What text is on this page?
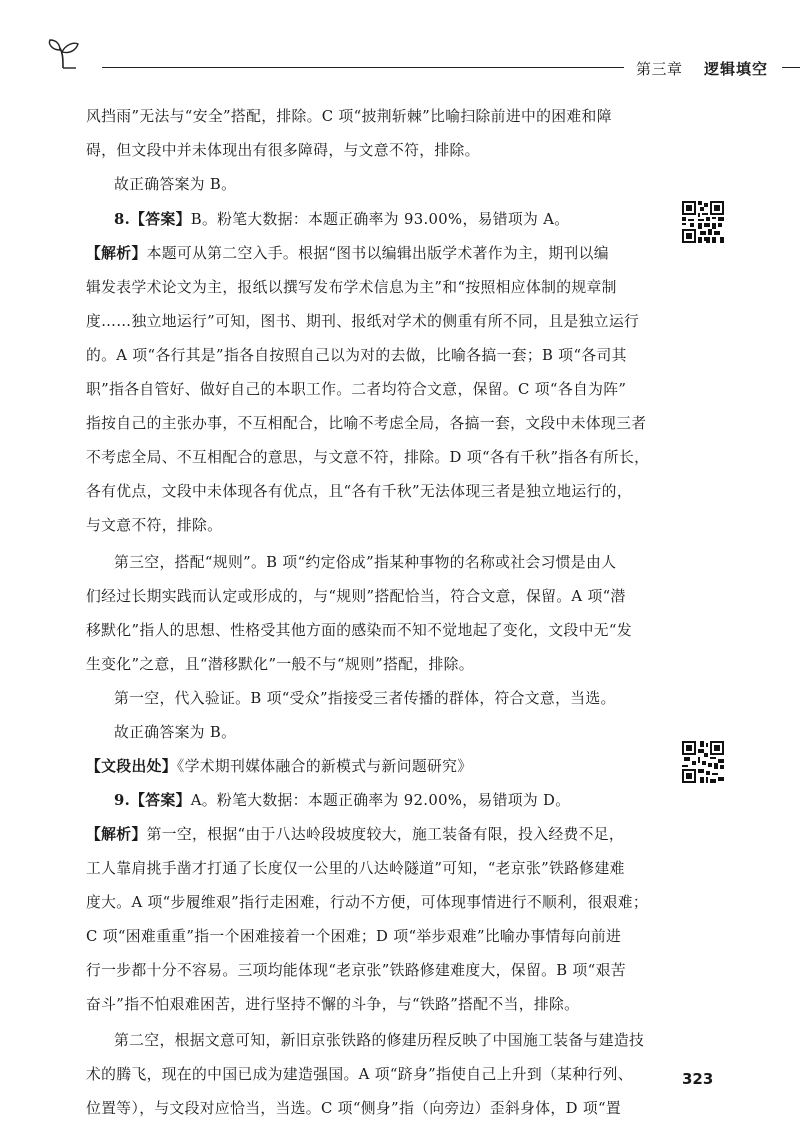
第三章 逻辑填空
风挡雨”无法与“安全”搭配，排除。C 项“披荆斩棘”比喻扫除前进中的困难和障
碍，但文段中并未体现出有很多障碍，与文意不符，排除。
故正确答案为 B。
8.【答案】B。粉笔大数据：本题正确率为 93.00%，易错项为 A。
【解析】本题可从第二空入手。根据“图书以编辑出版学术著作为主，期刊以编
辑发表学术论文为主，报纸以撰写发布学术信息为主”和“按照相应体制的规章制
度……独立地运行”可知，图书、期刊、报纸对学术的侧重有所不同，且是独立运行
的。A 项“各行其是”指各自按照自己以为对的去做，比喻各搞一套；B 项“各司其
职”指各自管好、做好自己的本职工作。二者均符合文意，保留。C 项“各自为阵”
指按自己的主张办事，不互相配合，比喻不考虑全局，各搞一套，文段中未体现三者
不考虑全局、不互相配合的意思，与文意不符，排除。D 项“各有千秋”指各有所长，
各有优点，文段中未体现各有优点，且“各有千秋”无法体现三者是独立地运行的，
与文意不符，排除。
第三空，搭配“规则”。B 项“约定俗成”指某种事物的名称或社会习惯是由人
们经过长期实践而认定或形成的，与“规则”搭配恰当，符合文意，保留。A 项“潜
移默化”指人的思想、性格受其他方面的感染而不知不觉地起了变化，文段中无“发
生变化”之意，且“潜移默化”一般不与“规则”搭配，排除。
第一空，代入验证。B 项“受众”指接受三者传播的群体，符合文意，当选。
故正确答案为 B。
【文段出处】《学术期刊媒体融合的新模式与新问题研究》
9.【答案】A。粉笔大数据：本题正确率为 92.00%，易错项为 D。
【解析】第一空，根据“由于八达岭段坡度较大，施工装备有限，投入经费不足，
工人靠肩挑手凿才打通了长度仅一公里的八达岭隧道”可知，“老京张”铁路修建难
度大。A 项“步履维艰”指行走困难，行动不方便，可体现事情进行不顺利，很艰难；
C 项“困难重重”指一个困难接着一个困难；D 项“举步艰难”比喻办事情每向前进
行一步都十分不容易。三项均能体现“老京张”铁路修建难度大，保留。B 项“艰苦
奋斗”指不怕艰难困苦，进行坚持不懈的斗争，与“铁路”搭配不当，排除。
第二空，根据文意可知，新旧京张铁路的修建历程反映了中国施工装备与建造技
术的腾飞，现在的中国已成为建造强国。A 项“跻身”指使自己上升到（某种行列、
位置等），与文段对应恰当，当选。C 项“侧身”指（向旁边）歪斜身体，D 项“置
323
